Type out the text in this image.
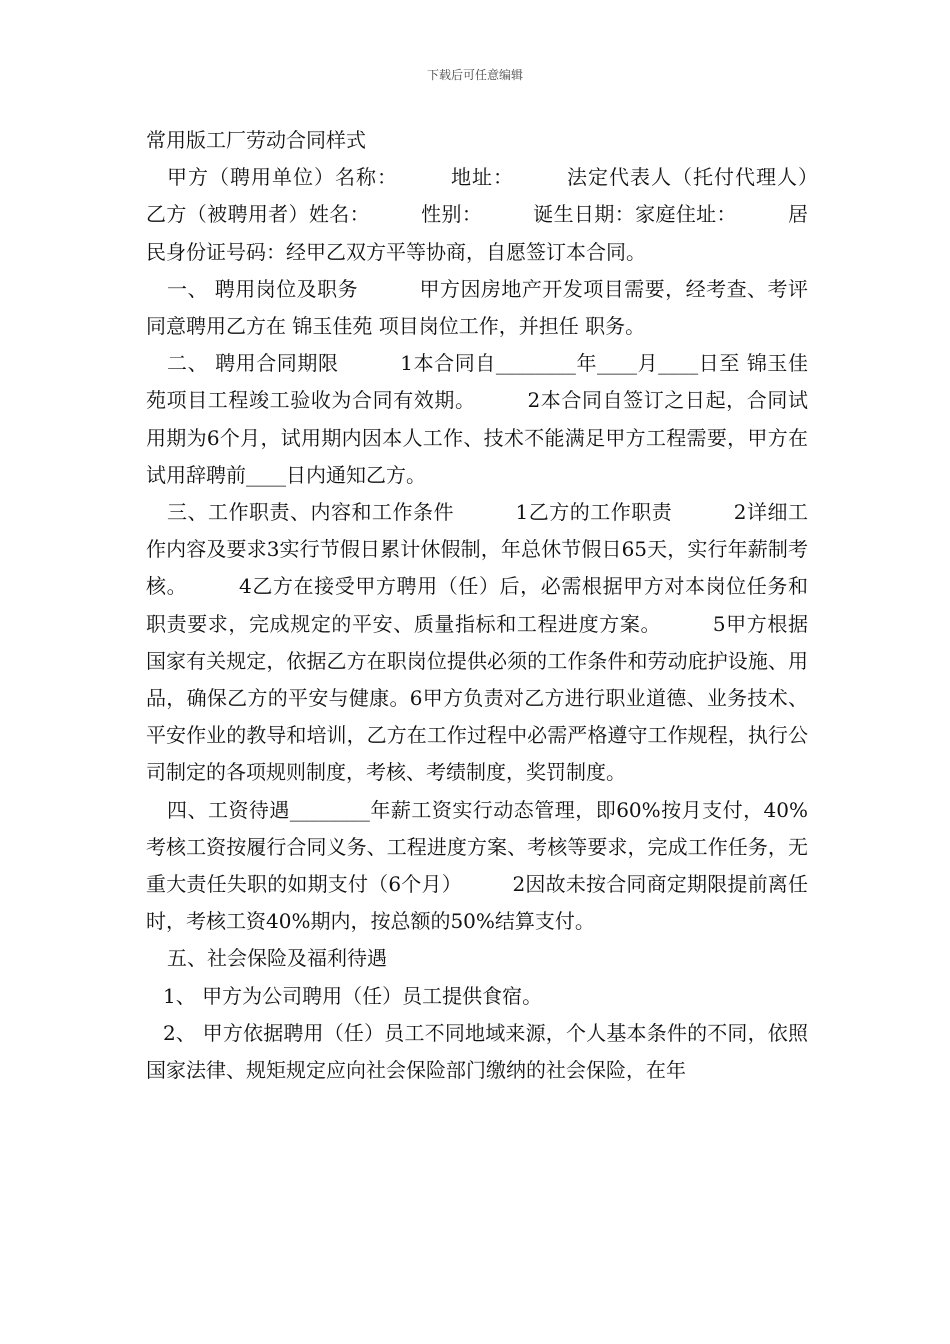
下载后可任意编辑

常用版工厂劳动合同样式

甲方（聘用单位）名称：　　　地址：　　　法定代表人（托付代理人）　　　乙方（被聘用者）姓名：　　　性别：　　　诞生日期：家庭住址：　　　居民身份证号码：经甲乙双方平等协商，自愿签订本合同。

一、 聘用岗位及职务　　　甲方因房地产开发项目需要，经考查、考评同意聘用乙方在 锦玉佳苑 项目岗位工作，并担任 职务。

二、 聘用合同期限　　　1本合同自________年____月____日至 锦玉佳苑项目工程竣工验收为合同有效期。　　　2本合同自签订之日起，合同试用期为6个月，试用期内因本人工作、技术不能满足甲方工程需要，甲方在试用辞聘前____日内通知乙方。

三、工作职责、内容和工作条件　　　1乙方的工作职责　　　2详细工作内容及要求3实行节假日累计休假制，年总休节假日65天，实行年薪制考核。　　　4乙方在接受甲方聘用（任）后，必需根据甲方对本岗位任务和职责要求，完成规定的平安、质量指标和工程进度方案。　　　5甲方根据国家有关规定，依据乙方在职岗位提供必须的工作条件和劳动庇护设施、用品，确保乙方的平安与健康。6甲方负责对乙方进行职业道德、业务技术、平安作业的教导和培训，乙方在工作过程中必需严格遵守工作规程，执行公司制定的各项规则制度，考核、考绩制度，奖罚制度。

四、工资待遇________年薪工资实行动态管理，即60%按月支付，40%考核工资按履行合同义务、工程进度方案、考核等要求，完成工作任务，无重大责任失职的如期支付（6个月）　　　2因故未按合同商定期限提前离任时，考核工资40%期内，按总额的50%结算支付。

五、社会保险及福利待遇

1、 甲方为公司聘用（任）员工提供食宿。

2、 甲方依据聘用（任）员工不同地域来源，个人基本条件的不同，依照国家法律、规矩规定应向社会保险部门缴纳的社会保险，在年
